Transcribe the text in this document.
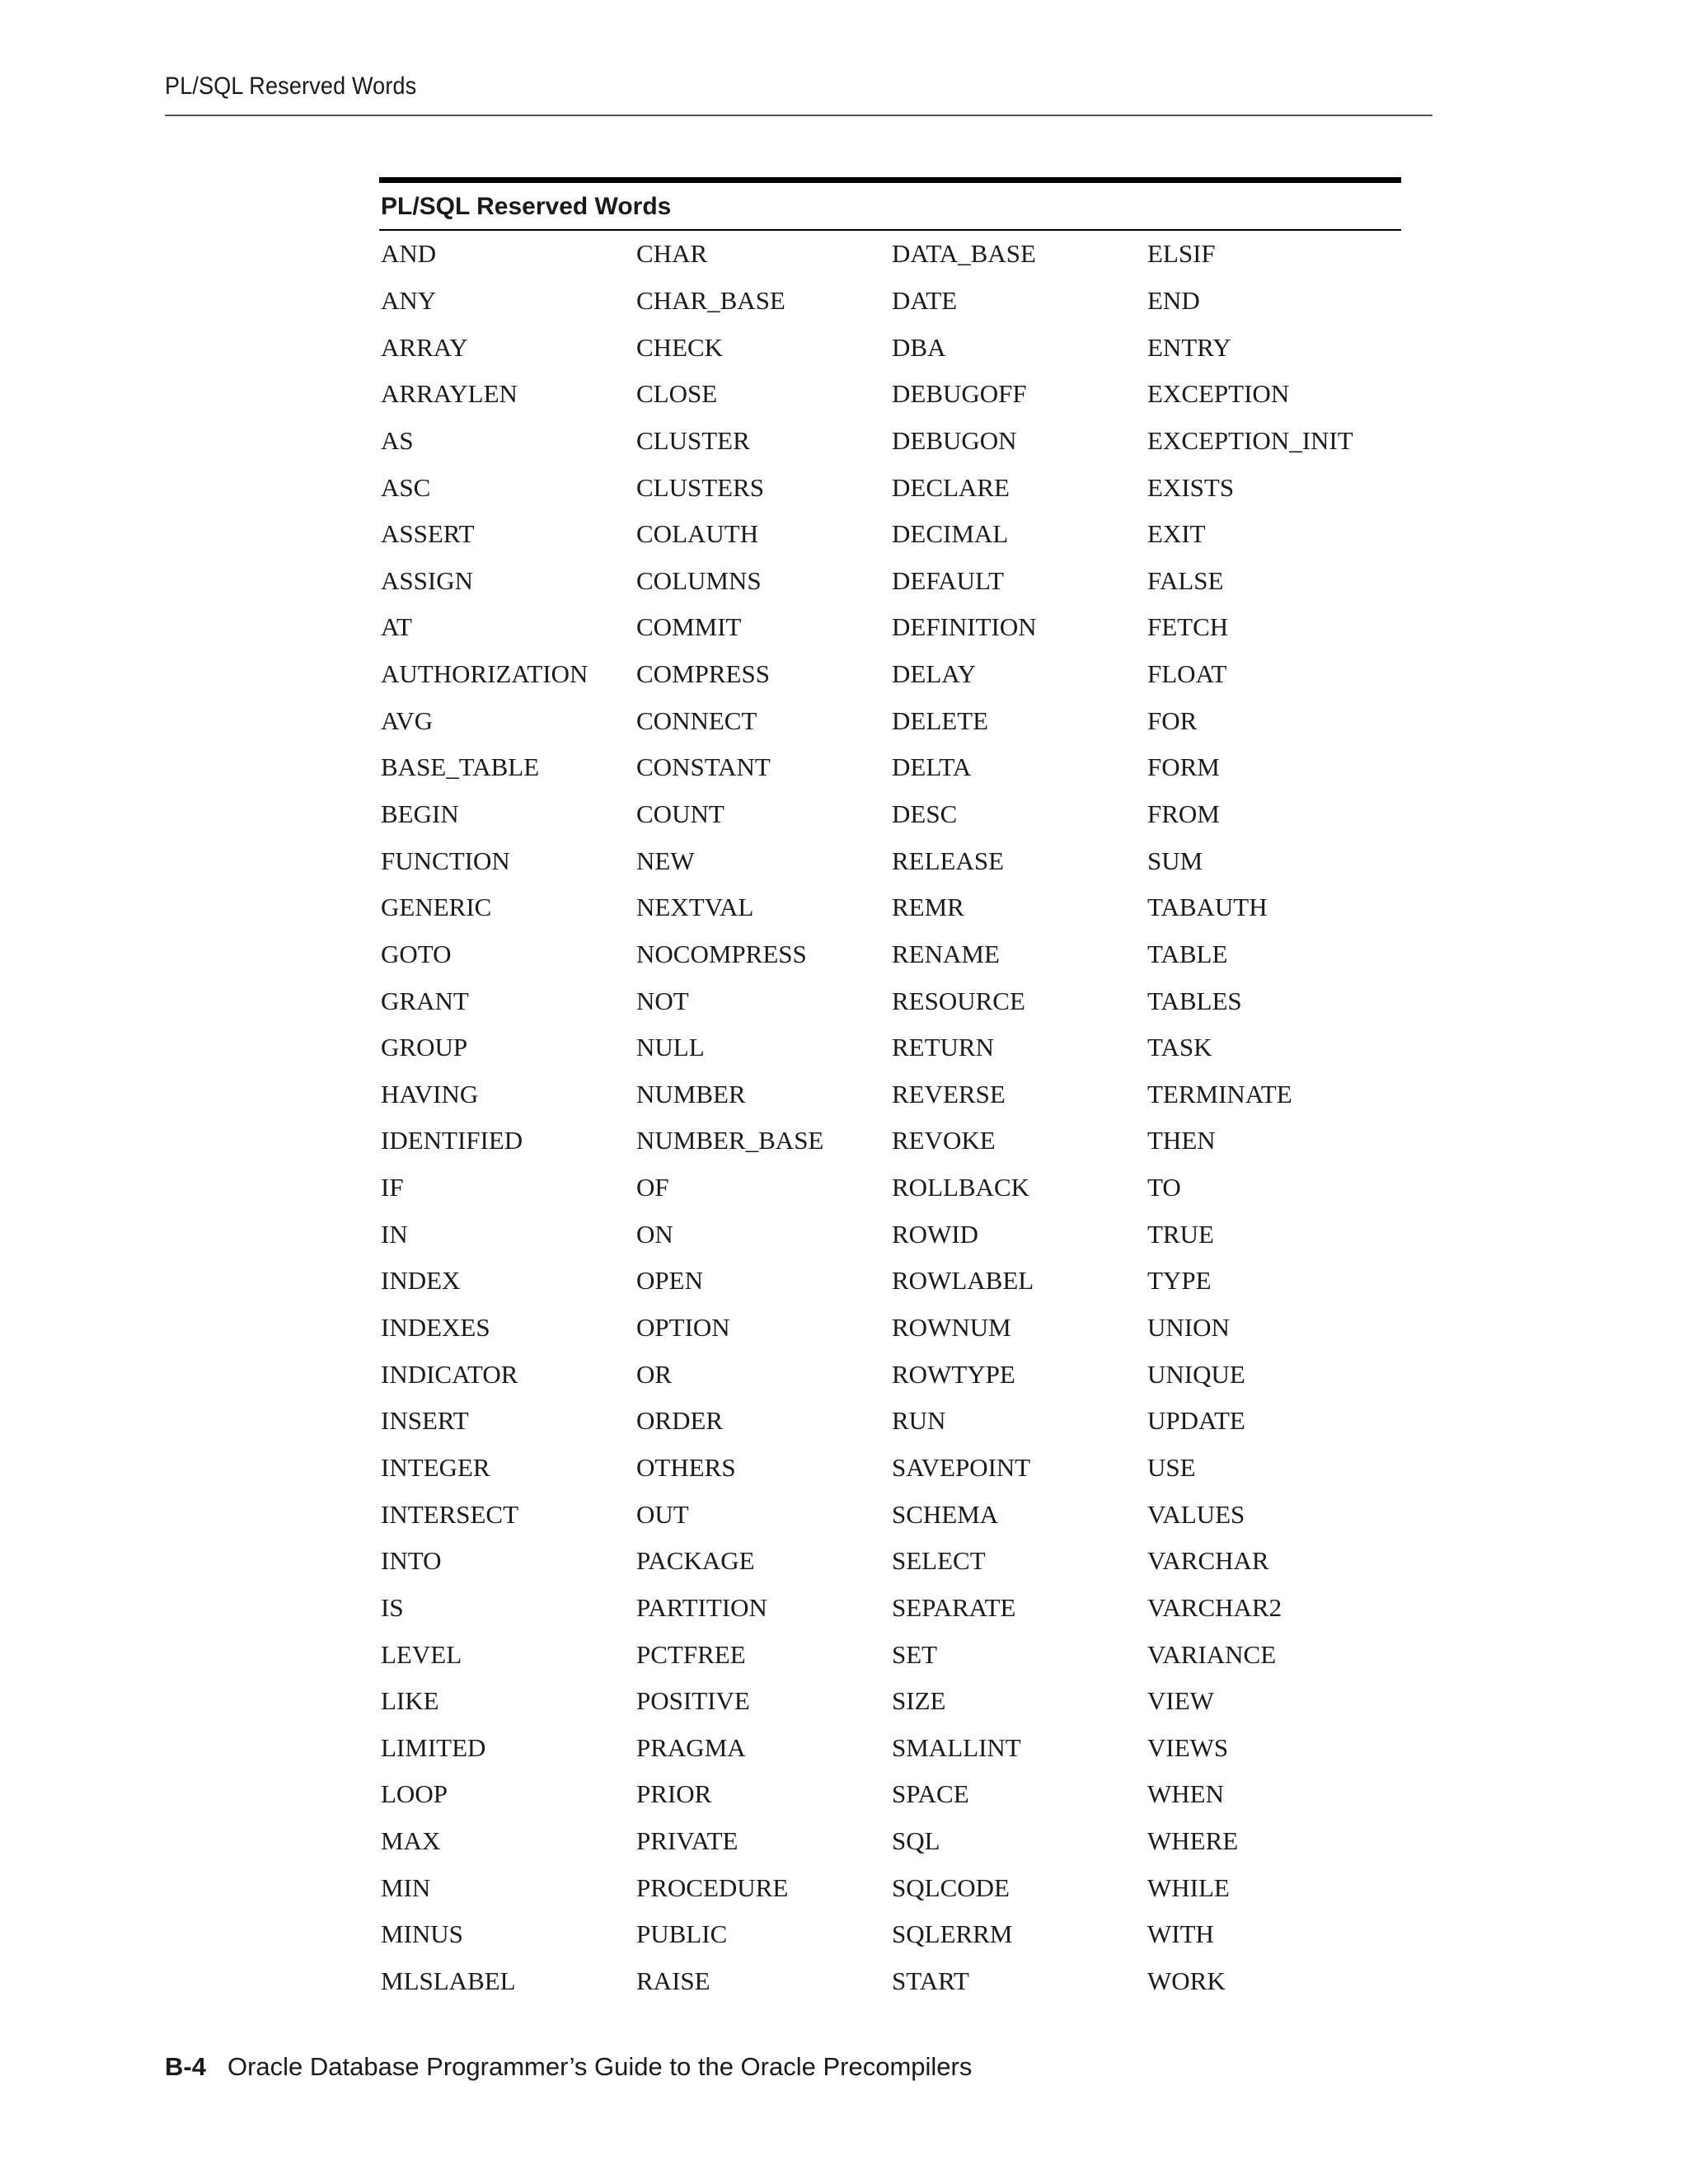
PL/SQL Reserved Words
PL/SQL Reserved Words
AND	CHAR	DATA_BASE	ELSIF
ANY	CHAR_BASE	DATE	END
ARRAY	CHECK	DBA	ENTRY
ARRAYLEN	CLOSE	DEBUGOFF	EXCEPTION
AS	CLUSTER	DEBUGON	EXCEPTION_INIT
ASC	CLUSTERS	DECLARE	EXISTS
ASSERT	COLAUTH	DECIMAL	EXIT
ASSIGN	COLUMNS	DEFAULT	FALSE
AT	COMMIT	DEFINITION	FETCH
AUTHORIZATION	COMPRESS	DELAY	FLOAT
AVG	CONNECT	DELETE	FOR
BASE_TABLE	CONSTANT	DELTA	FORM
BEGIN	COUNT	DESC	FROM
FUNCTION	NEW	RELEASE	SUM
GENERIC	NEXTVAL	REMR	TABAUTH
GOTO	NOCOMPRESS	RENAME	TABLE
GRANT	NOT	RESOURCE	TABLES
GROUP	NULL	RETURN	TASK
HAVING	NUMBER	REVERSE	TERMINATE
IDENTIFIED	NUMBER_BASE	REVOKE	THEN
IF	OF	ROLLBACK	TO
IN	ON	ROWID	TRUE
INDEX	OPEN	ROWLABEL	TYPE
INDEXES	OPTION	ROWNUM	UNION
INDICATOR	OR	ROWTYPE	UNIQUE
INSERT	ORDER	RUN	UPDATE
INTEGER	OTHERS	SAVEPOINT	USE
INTERSECT	OUT	SCHEMA	VALUES
INTO	PACKAGE	SELECT	VARCHAR
IS	PARTITION	SEPARATE	VARCHAR2
LEVEL	PCTFREE	SET	VARIANCE
LIKE	POSITIVE	SIZE	VIEW
LIMITED	PRAGMA	SMALLINT	VIEWS
LOOP	PRIOR	SPACE	WHEN
MAX	PRIVATE	SQL	WHERE
MIN	PROCEDURE	SQLCODE	WHILE
MINUS	PUBLIC	SQLERRM	WITH
MLSLABEL	RAISE	START	WORK
B-4 Oracle Database Programmer’s Guide to the Oracle Precompilers
